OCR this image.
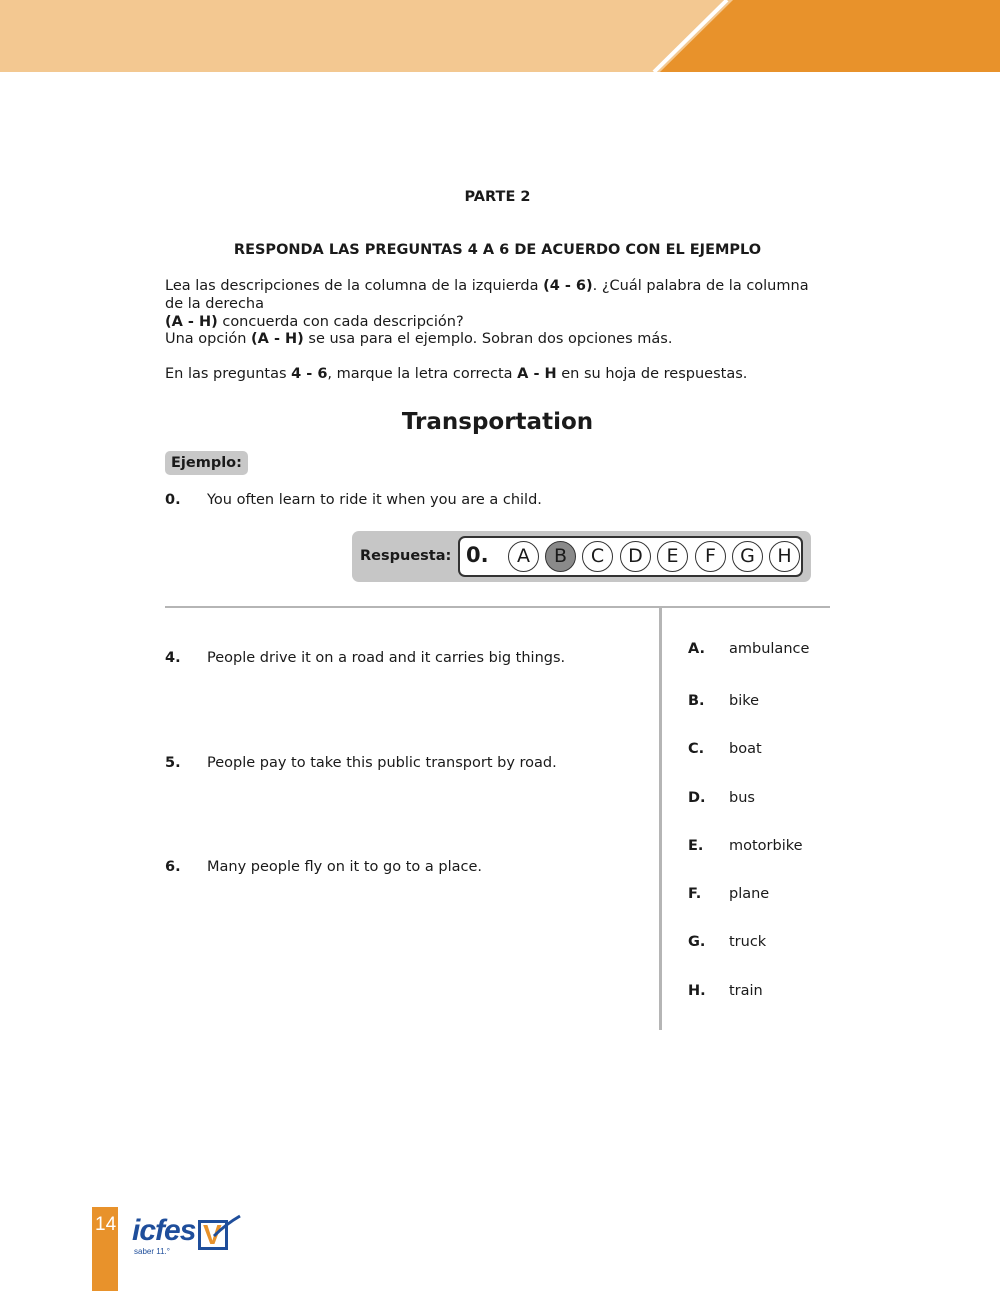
PARTE 2
RESPONDA LAS PREGUNTAS 4 A 6 DE ACUERDO CON EL EJEMPLO
Lea las descripciones de la columna de la izquierda (4 - 6). ¿Cuál palabra de la columna de la derecha
(A - H) concuerda con cada descripción?
Una opción (A - H) se usa para el ejemplo. Sobran dos opciones más.
En las preguntas 4 - 6, marque la letra correcta A - H en su hoja de respuestas.
Transportation
Ejemplo:
0. You often learn to ride it when you are a child.
Respuesta: 0.	A	B	C	D	E	F	G	H
4. People drive it on a road and it carries big things.
5. People pay to take this public transport by road.
6. Many people fly on it to go to a place.
A. ambulance
B. bike
C. boat
D. bus
E. motorbike
F. plane
G. truck
H. train
14 icfes
saber 11.°
V
